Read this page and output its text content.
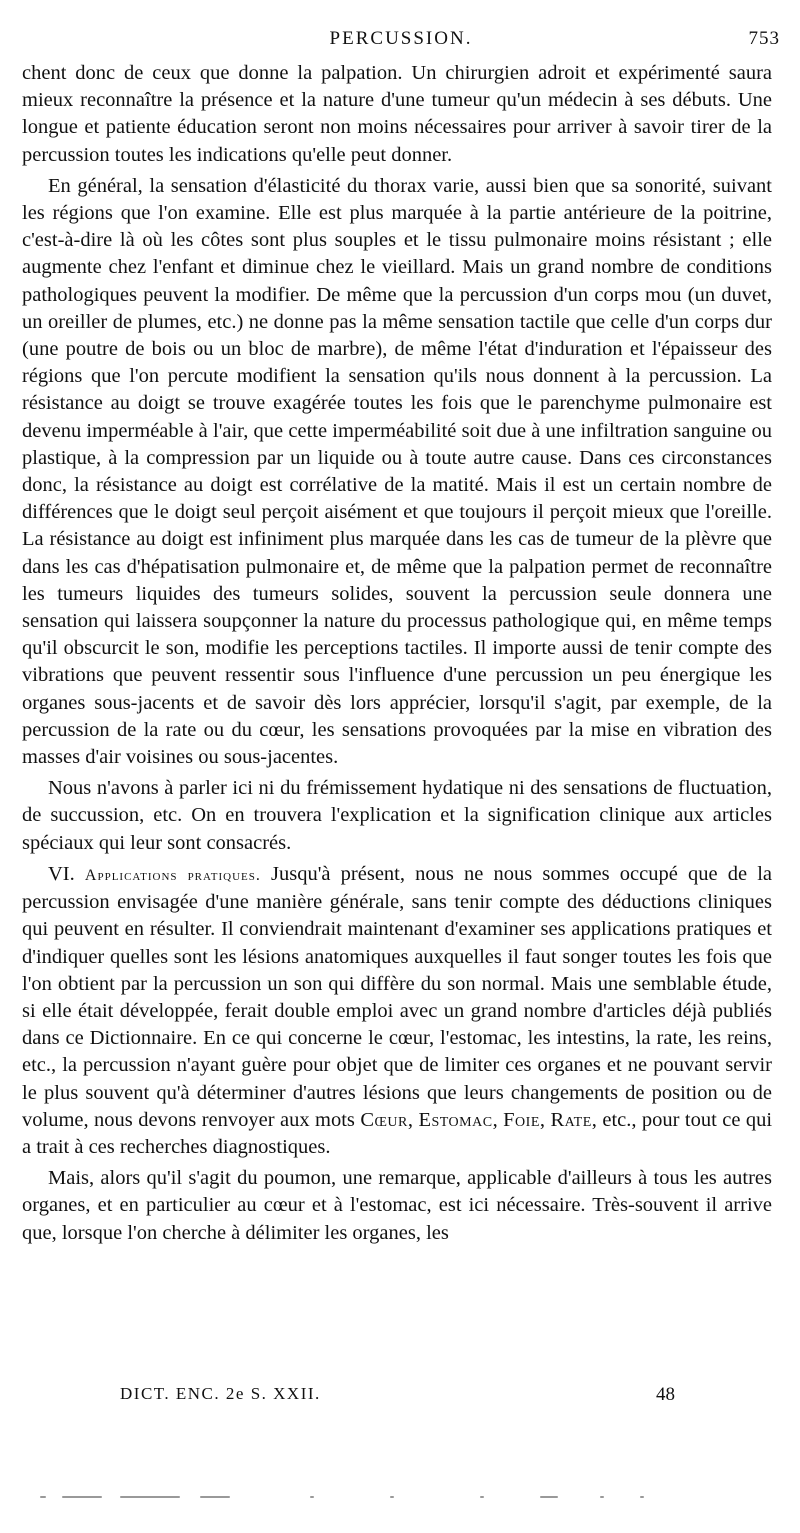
PERCUSSION.	753

chent donc de ceux que donne la palpation. Un chirurgien adroit et expérimenté saura mieux reconnaître la présence et la nature d'une tumeur qu'un médecin à ses débuts. Une longue et patiente éducation seront non moins nécessaires pour arriver à savoir tirer de la percussion toutes les indications qu'elle peut donner.

En général, la sensation d'élasticité du thorax varie, aussi bien que sa sonorité, suivant les régions que l'on examine. Elle est plus marquée à la partie antérieure de la poitrine, c'est-à-dire là où les côtes sont plus souples et le tissu pulmonaire moins résistant ; elle augmente chez l'enfant et diminue chez le vieillard. Mais un grand nombre de conditions pathologiques peuvent la modifier. De même que la percussion d'un corps mou (un duvet, un oreiller de plumes, etc.) ne donne pas la même sensation tactile que celle d'un corps dur (une poutre de bois ou un bloc de marbre), de même l'état d'induration et l'épaisseur des régions que l'on percute modifient la sensation qu'ils nous donnent à la percussion. La résistance au doigt se trouve exagérée toutes les fois que le parenchyme pulmonaire est devenu imperméable à l'air, que cette imperméabilité soit due à une infiltration sanguine ou plastique, à la compression par un liquide ou à toute autre cause. Dans ces circonstances donc, la résistance au doigt est corrélative de la matité. Mais il est un certain nombre de différences que le doigt seul perçoit aisément et que toujours il perçoit mieux que l'oreille. La résistance au doigt est infiniment plus marquée dans les cas de tumeur de la plèvre que dans les cas d'hépatisation pulmonaire et, de même que la palpation permet de reconnaître les tumeurs liquides des tumeurs solides, souvent la percussion seule donnera une sensation qui laissera soupçonner la nature du processus pathologique qui, en même temps qu'il obscurcit le son, modifie les perceptions tactiles. Il importe aussi de tenir compte des vibrations que peuvent ressentir sous l'influence d'une percussion un peu énergique les organes sous-jacents et de savoir dès lors apprécier, lorsqu'il s'agit, par exemple, de la percussion de la rate ou du cœur, les sensations provoquées par la mise en vibration des masses d'air voisines ou sous-jacentes.

Nous n'avons à parler ici ni du frémissement hydatique ni des sensations de fluctuation, de succussion, etc. On en trouvera l'explication et la signification clinique aux articles spéciaux qui leur sont consacrés.

VI. Applications pratiques. Jusqu'à présent, nous ne nous sommes occupé que de la percussion envisagée d'une manière générale, sans tenir compte des déductions cliniques qui peuvent en résulter. Il conviendrait maintenant d'examiner ses applications pratiques et d'indiquer quelles sont les lésions anatomiques auxquelles il faut songer toutes les fois que l'on obtient par la percussion un son qui diffère du son normal. Mais une semblable étude, si elle était développée, ferait double emploi avec un grand nombre d'articles déjà publiés dans ce Dictionnaire. En ce qui concerne le cœur, l'estomac, les intestins, la rate, les reins, etc., la percussion n'ayant guère pour objet que de limiter ces organes et ne pouvant servir le plus souvent qu'à déterminer d'autres lésions que leurs changements de position ou de volume, nous devons renvoyer aux mots Cœur, Estomac, Foie, Rate, etc., pour tout ce qui a trait à ces recherches diagnostiques.

Mais, alors qu'il s'agit du poumon, une remarque, applicable d'ailleurs à tous les autres organes, et en particulier au cœur et à l'estomac, est ici nécessaire. Très-souvent il arrive que, lorsque l'on cherche à délimiter les organes, les

DICT. ENC. 2e S. XXII.	48
